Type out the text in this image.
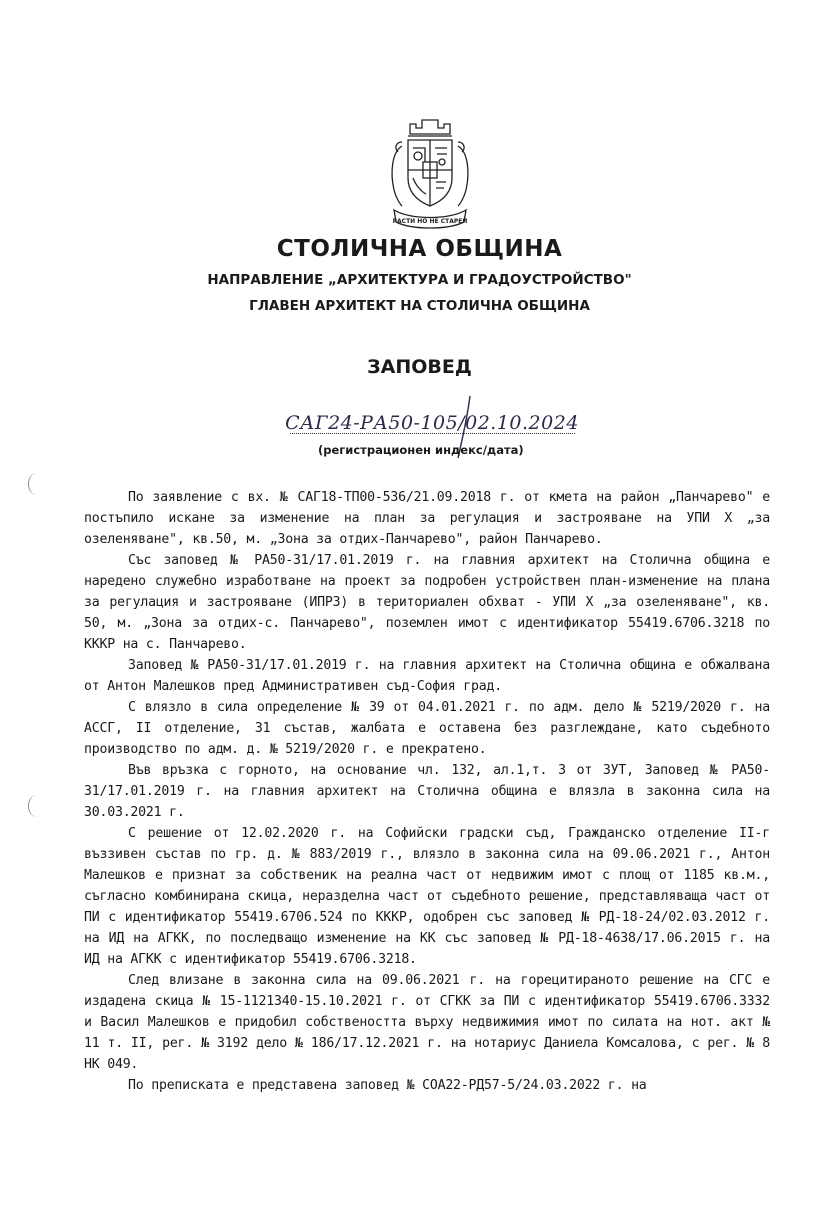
РАСТИ НО НЕ СТАРЕЙ
СТОЛИЧНА ОБЩИНА
НАПРАВЛЕНИЕ „АРХИТЕКТУРА И ГРАДОУСТРОЙСТВО"
ГЛАВЕН АРХИТЕКТ НА СТОЛИЧНА ОБЩИНА
ЗАПОВЕД
САГ24-РА50-105/02.10.2024
(регистрационен индекс/дата)

По заявление с вх. № САГ18-ТП00-536/21.09.2018 г. от кмета на район „Панчарево" е постъпило искане за изменение на план за регулация и застрояване на УПИ Х „за озеленяване", кв.50, м. „Зона за отдих-Панчарево", район Панчарево.

Със заповед № РА50-31/17.01.2019 г. на главния архитект на Столична община е наредено служебно изработване на проект за подробен устройствен план-изменение на плана за регулация и застрояване (ИПРЗ) в териториален обхват - УПИ Х „за озеленяване", кв. 50, м. „Зона за отдих-с. Панчарево", поземлен имот с идентификатор 55419.6706.3218 по КККР на с. Панчарево.

Заповед № РА50-31/17.01.2019 г. на главния архитект на Столична община е обжалвана от Антон Малешков пред Административен съд-София град.

С влязло в сила определение № 39 от 04.01.2021 г. по адм. дело № 5219/2020 г. на АССГ, II отделение, 31 състав, жалбата е оставена без разглеждане, като съдебното производство по адм. д. № 5219/2020 г. е прекратено.

Във връзка с горното, на основание чл. 132, ал.1,т. 3 от ЗУТ, Заповед № РА50-31/17.01.2019 г. на главния архитект на Столична община е влязла в законна сила на 30.03.2021 г.

С решение от 12.02.2020 г. на Софийски градски съд, Гражданско отделение II-г въззивен състав по гр. д. № 883/2019 г., влязло в законна сила на 09.06.2021 г., Антон Малешков е признат за собственик на реална част от недвижим имот с площ от 1185 кв.м., съгласно комбинирана скица, неразделна част от съдебното решение, представляваща част от ПИ с идентификатор 55419.6706.524 по КККР, одобрен със заповед № РД-18-24/02.03.2012 г. на ИД на АГКК, по последващо изменение на КК със заповед № РД-18-4638/17.06.2015 г. на ИД на АГКК с идентификатор 55419.6706.3218.

След влизане в законна сила на 09.06.2021 г. на горецитираното решение на СГС е издадена скица № 15-1121340-15.10.2021 г. от СГКК за ПИ с идентификатор 55419.6706.3332 и Васил Малешков е придобил собствеността върху недвижимия имот по силата на нот. акт № 11 т. II, рег. № 3192 дело № 186/17.12.2021 г. на нотариус Даниела Комсалова, с рег. № 8 НК 049.

По преписката е представена заповед № СОА22-РД57-5/24.03.2022 г. на
